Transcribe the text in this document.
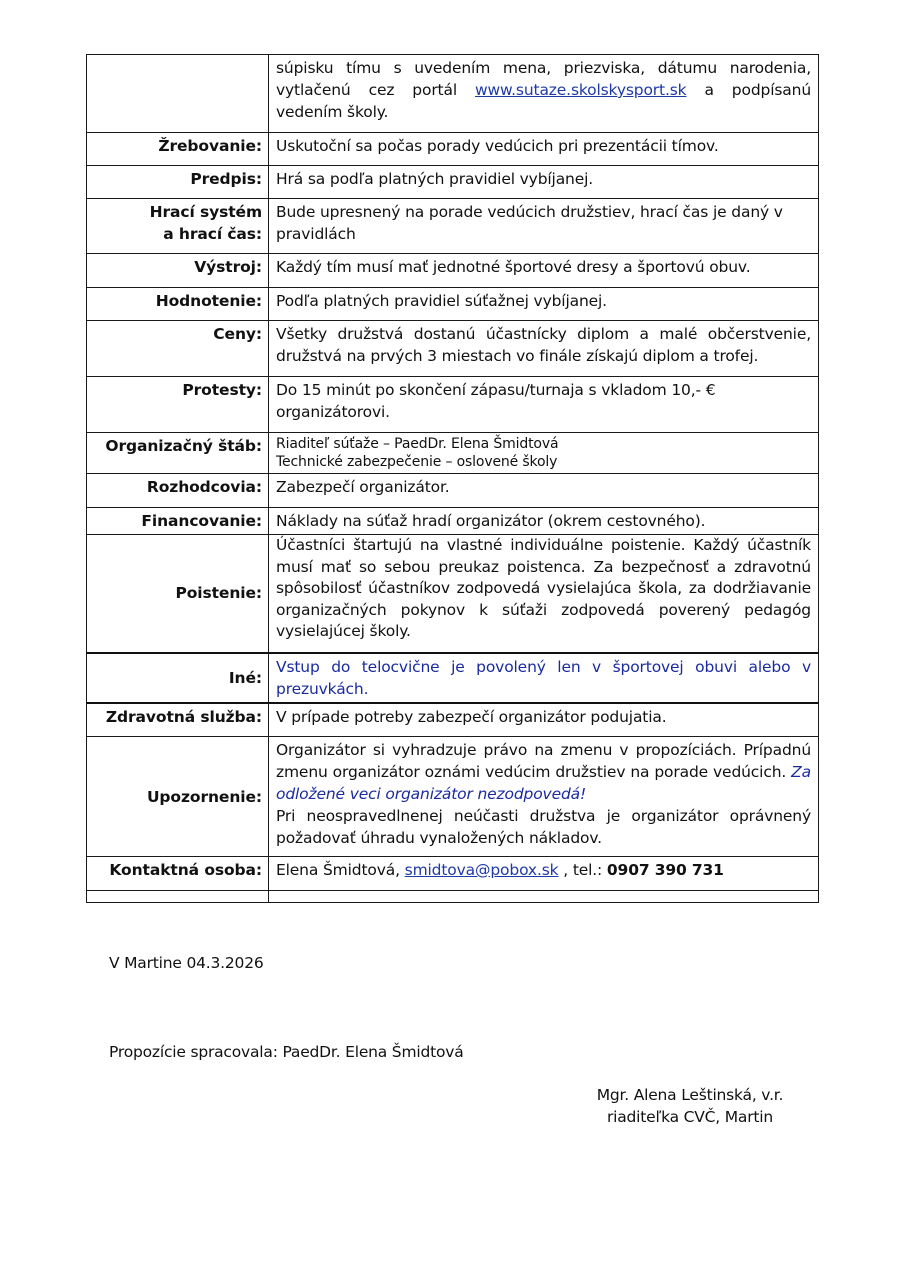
	súpisku tímu s uvedením mena, priezviska, dátumu narodenia, vytlačenú cez portál www.sutaze.skolskysport.sk a podpísanú vedením školy.
Žrebovanie:	Uskutoční sa počas porady vedúcich pri prezentácii tímov.
Predpis:	Hrá sa podľa platných pravidiel vybíjanej.

Hrací systém
a hrací čas:	Bude upresnený na porade vedúcich družstiev, hrací čas je daný v pravidlách
Výstroj:	Každý tím musí mať jednotné športové dresy a športovú obuv.
Hodnotenie:	Podľa platných pravidiel súťažnej vybíjanej.
Ceny:	Všetky družstvá dostanú účastnícky diplom a malé občerstvenie, družstvá na prvých 3 miestach vo finále získajú diplom a trofej.
Protesty:	Do 15 minút po skončení zápasu/turnaja s vkladom 10,- €
organizátorovi.

Organizačný štáb:	Riaditeľ súťaže – PaedDr. Elena Šmidtová
Technické zabezpečenie – oslovené školy

Rozhodcovia:	Zabezpečí organizátor.
Financovanie:	Náklady na súťaž hradí organizátor (okrem cestovného).
Poistenie:	Účastníci štartujú na vlastné individuálne poistenie. Každý účastník musí mať so sebou preukaz poistenca. Za bezpečnosť a zdravotnú spôsobilosť účastníkov zodpovedá vysielajúca škola, za dodržiavanie organizačných pokynov k súťaži zodpovedá poverený pedagóg vysielajúcej školy.
Iné:	Vstup do telocvične je povolený len v športovej obuvi alebo v prezuvkách.
Zdravotná služba:	V prípade potreby zabezpečí organizátor podujatia.
Upozornenie:	Organizátor si vyhradzuje právo na zmenu v propozíciách. Prípadnú zmenu organizátor oznámi vedúcim družstiev na porade vedúcich. Za odložené veci organizátor nezodpovedá!
Pri neospravedlnenej neúčasti družstva je organizátor oprávnený požadovať úhradu vynaložených nákladov.
Kontaktná osoba:	Elena Šmidtová, smidtova@pobox.sk , tel.: 0907 390 731

V Martine 04.3.2026
Propozície spracovala: PaedDr. Elena Šmidtová
Mgr. Alena Leštinská, v.r.
riaditeľka CVČ, Martin
